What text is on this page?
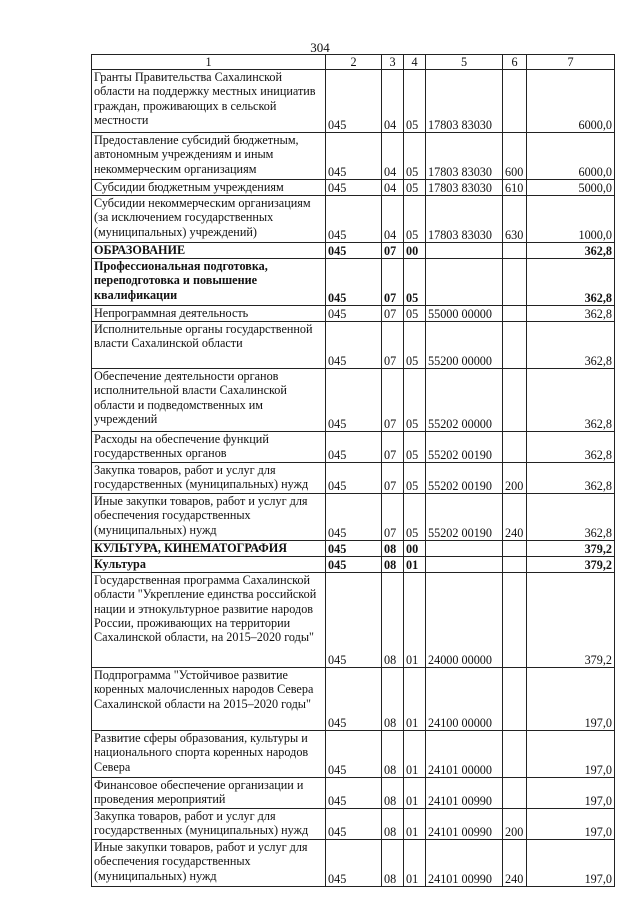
304
1	2	3	4	5	6	7
Гранты Правительства Сахалинской области на поддержку местных инициатив граждан, проживающих в сельской местности	045	04	05	17803 83030		6000,0
Предоставление субсидий бюджетным, автономным учреждениям и иным некоммерческим организациям	045	04	05	17803 83030	600	6000,0
Субсидии бюджетным учреждениям	045	04	05	17803 83030	610	5000,0
Субсидии некоммерческим организациям (за исключением государственных (муниципальных) учреждений)	045	04	05	17803 83030	630	1000,0
ОБРАЗОВАНИЕ	045	07	00			362,8
Профессиональная подготовка, переподготовка и повышение квалификации	045	07	05			362,8
Непрограммная деятельность	045	07	05	55000 00000		362,8
Исполнительные органы государственной власти Сахалинской области	045	07	05	55200 00000		362,8
Обеспечение деятельности органов исполнительной власти Сахалинской области и подведомственных им учреждений	045	07	05	55202 00000		362,8
Расходы на обеспечение функций государственных органов	045	07	05	55202 00190		362,8
Закупка товаров, работ и услуг для государственных (муниципальных) нужд	045	07	05	55202 00190	200	362,8
Иные закупки товаров, работ и услуг для обеспечения государственных (муниципальных) нужд	045	07	05	55202 00190	240	362,8
КУЛЬТУРА, КИНЕМАТОГРАФИЯ	045	08	00			379,2
Культура	045	08	01			379,2
Государственная программа Сахалинской области "Укрепление единства российской нации и этнокультурное развитие народов России, проживающих на территории Сахалинской области, на 2015–2020 годы"	045	08	01	24000 00000		379,2
Подпрограмма "Устойчивое развитие коренных малочисленных народов Севера Сахалинской области на 2015–2020 годы"	045	08	01	24100 00000		197,0
Развитие сферы образования, культуры и национального спорта коренных народов Севера	045	08	01	24101 00000		197,0
Финансовое обеспечение организации и проведения мероприятий	045	08	01	24101 00990		197,0
Закупка товаров, работ и услуг для государственных (муниципальных) нужд	045	08	01	24101 00990	200	197,0
Иные закупки товаров, работ и услуг для обеспечения государственных (муниципальных) нужд	045	08	01	24101 00990	240	197,0
